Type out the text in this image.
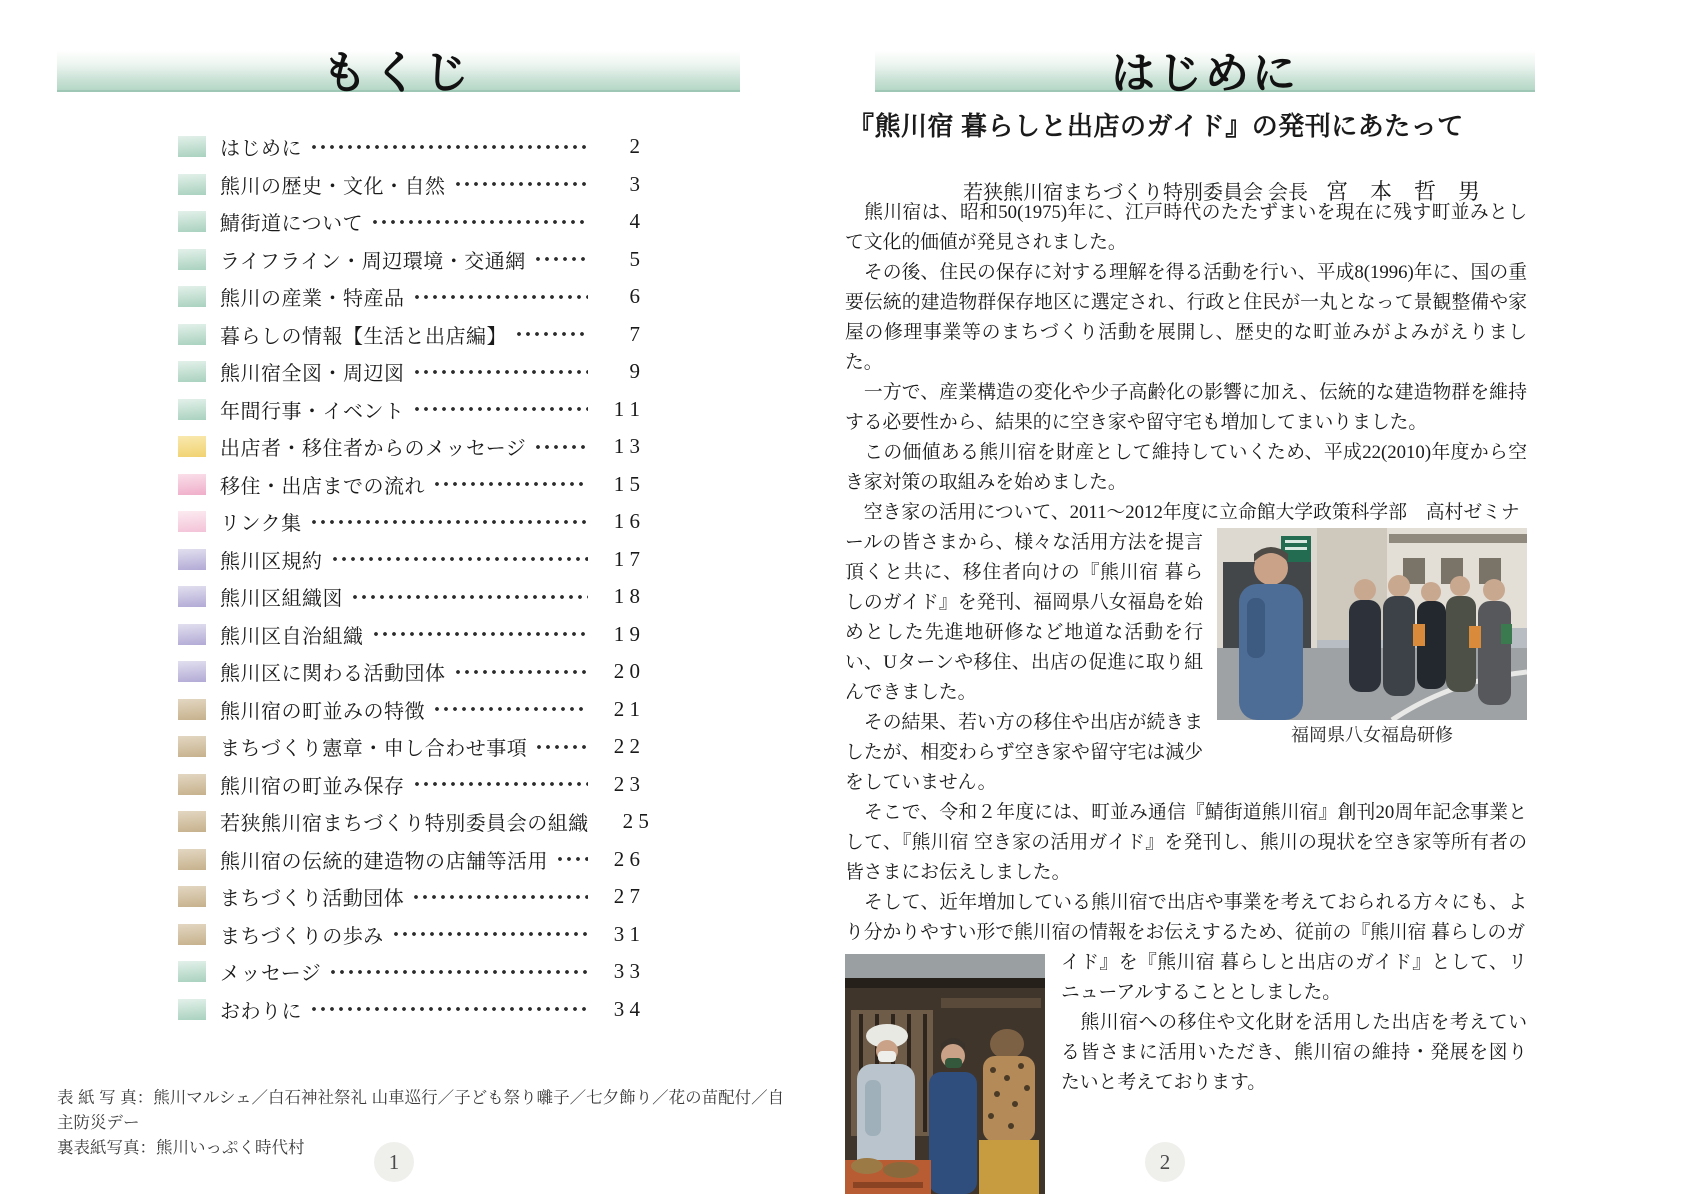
もくじ
はじめに	2
熊川の歴史・文化・自然	3
鯖街道について	4
ライフライン・周辺環境・交通網	5
熊川の産業・特産品	6
暮らしの情報【生活と出店編】	7
熊川宿全図・周辺図	9
年間行事・イベント	1 1
出店者・移住者からのメッセージ	1 3
移住・出店までの流れ	1 5
リンク集	1 6
熊川区規約	1 7
熊川区組織図	1 8
熊川区自治組織	1 9
熊川区に関わる活動団体	2 0
熊川宿の町並みの特徴	2 1
まちづくり憲章・申し合わせ事項	2 2
熊川宿の町並み保存	2 3
若狭熊川宿まちづくり特別委員会の組織	2 5
熊川宿の伝統的建造物の店舗等活用	2 6
まちづくり活動団体	2 7
まちづくりの歩み	3 1
メッセージ	3 3
おわりに	3 4
表 紙 写 真：熊川マルシェ／白石神社祭礼 山車巡行／子ども祭り囃子／七夕飾り／花の苗配付／自主防災デー
裏表紙写真：熊川いっぷく時代村
1
はじめに
『熊川宿 暮らしと出店のガイド』の発刊にあたって

若狭熊川宿まちづくり特別委員会 会長 宮　本　哲　男

　熊川宿は、昭和50(1975)年に、江戸時代のたたずまいを現在に残す町並みとして文化的価値が発見されました。

　その後、住民の保存に対する理解を得る活動を行い、平成8(1996)年に、国の重要伝統的建造物群保存地区に選定され、行政と住民が一丸となって景観整備や家屋の修理事業等のまちづくり活動を展開し、歴史的な町並みがよみがえりました。

　一方で、産業構造の変化や少子高齢化の影響に加え、伝統的な建造物群を維持する必要性から、結果的に空き家や留守宅も増加してまいりました。

　この価値ある熊川宿を財産として維持していくため、平成22(2010)年度から空き家対策の取組みを始めました。

　空き家の活用について、2011～2012年度に立命館大学政策科学部　高村ゼミナ

福岡県八女福島研修

ールの皆さまから、様々な活用方法を提言頂くと共に、移住者向けの『熊川宿 暮らしのガイド』を発刊、福岡県八女福島を始めとした先進地研修など地道な活動を行い、Uターンや移住、出店の促進に取り組んできました。

　その結果、若い方の移住や出店が続きましたが、相変わらず空き家や留守宅は減少をしていません。

　そこで、令和２年度には、町並み通信『鯖街道熊川宿』創刊20周年記念事業として、『熊川宿 空き家の活用ガイド』を発刊し、熊川の現状を空き家等所有者の皆さまにお伝えしました。

　そして、近年増加している熊川宿で出店や事業を考えておられる方々にも、より分かりやすい形で熊川宿の情報をお伝えするため、従前の『熊川宿 暮らしのガ

イド』を『熊川宿 暮らしと出店のガイド』として、リニューアルすることとしました。

　熊川宿への移住や文化財を活用した出店を考えている皆さまに活用いただき、熊川宿の維持・発展を図りたいと考えております。

2
